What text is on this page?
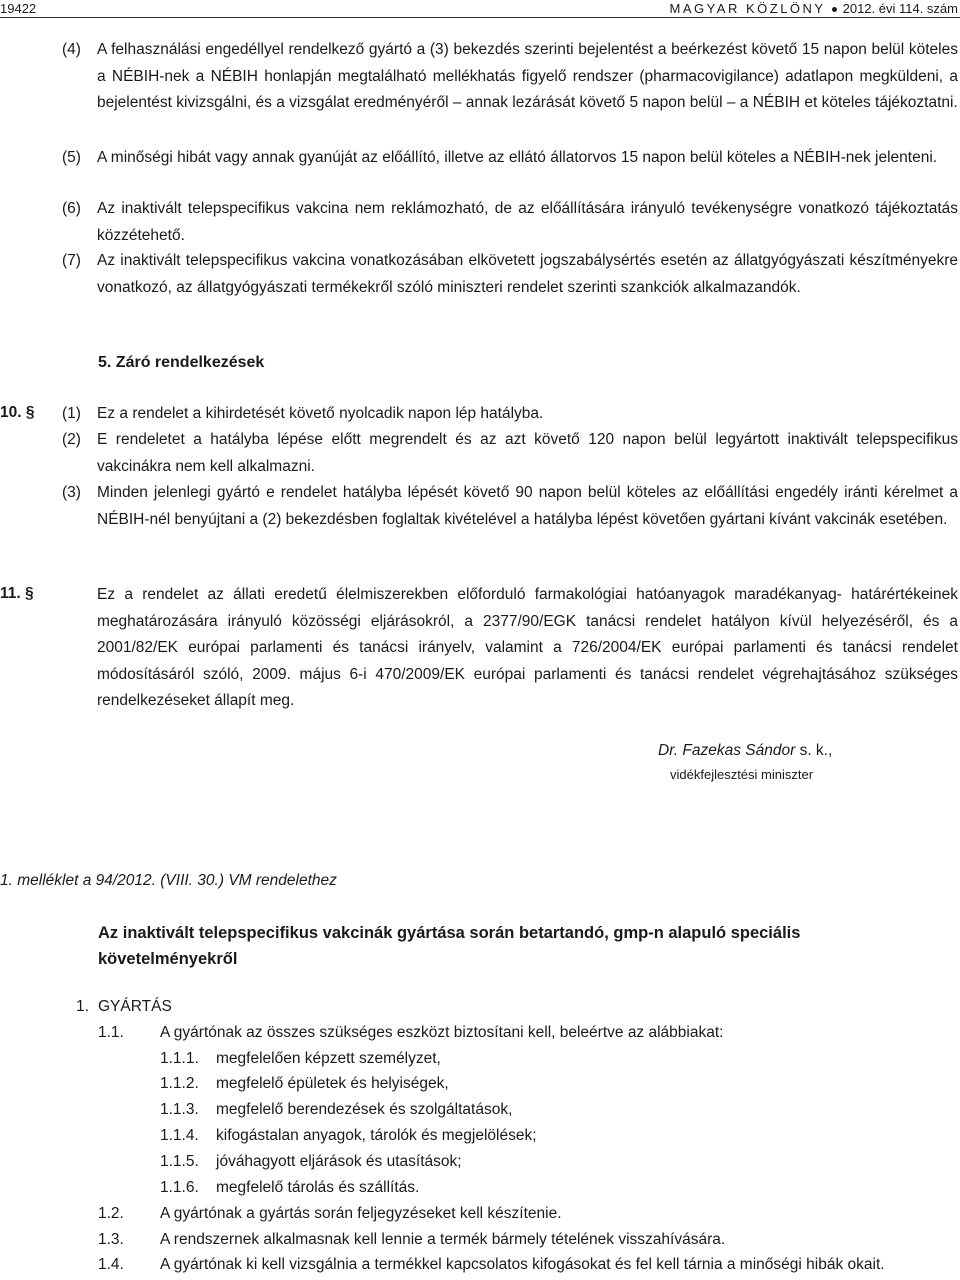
19422	MAGYAR KÖZLÖNY 2012. évi 114. szám
(4)	A felhasználási engedéllyel rendelkező gyártó a (3) bekezdés szerinti bejelentést a beérkezést követő 15 napon belül köteles a NÉBIH-nek a NÉBIH honlapján megtalálható mellékhatás figyelő rendszer (pharmacovigilance) adatlapon megküldeni, a bejelentést kivizsgálni, és a vizsgálat eredményéről – annak lezárását követő 5 napon belül – a NÉBIH et köteles tájékoztatni.
(5)	A minőségi hibát vagy annak gyanúját az előállító, illetve az ellátó állatorvos 15 napon belül köteles a NÉBIH-nek jelenteni.
(6)	Az inaktivált telepspecifikus vakcina nem reklámozható, de az előállítására irányuló tevékenységre vonatkozó tájékoztatás közzétehető.
(7)	Az inaktivált telepspecifikus vakcina vonatkozásában elkövetett jogszabálysértés esetén az állatgyógyászati készítményekre vonatkozó, az állatgyógyászati termékekről szóló miniszteri rendelet szerinti szankciók alkalmazandók.
5. Záró rendelkezések
10. § (1)	Ez a rendelet a kihirdetését követő nyolcadik napon lép hatályba.
(2)	E rendeletet a hatályba lépése előtt megrendelt és az azt követő 120 napon belül legyártott inaktivált telepspecifikus vakcinákra nem kell alkalmazni.
(3)	Minden jelenlegi gyártó e rendelet hatályba lépését követő 90 napon belül köteles az előállítási engedély iránti kérelmet a NÉBIH-nél benyújtani a (2) bekezdésben foglaltak kivételével a hatályba lépést követően gyártani kívánt vakcinák esetében.
11. §	Ez a rendelet az állati eredetű élelmiszerekben előforduló farmakológiai hatóanyagok maradékanyag- határértékeinek meghatározására irányuló közösségi eljárásokról, a 2377/90/EGK tanácsi rendelet hatályon kívül helyezéséről, és a 2001/82/EK európai parlamenti és tanácsi irányelv, valamint a 726/2004/EK európai parlamenti és tanácsi rendelet módosításáról szóló, 2009. május 6-i 470/2009/EK európai parlamenti és tanácsi rendelet végrehajtásához szükséges rendelkezéseket állapít meg.
Dr. Fazekas Sándor s. k.,
vidékfejlesztési miniszter
1. melléklet a 94/2012. (VIII. 30.) VM rendelethez
Az inaktivált telepspecifikus vakcinák gyártása során betartandó, gmp-n alapuló speciális követelményekről
1. GYÁRTÁS
1.1. A gyártónak az összes szükséges eszközt biztosítani kell, beleértve az alábbiakat:
1.1.1. megfelelően képzett személyzet,
1.1.2. megfelelő épületek és helyiségek,
1.1.3. megfelelő berendezések és szolgáltatások,
1.1.4. kifogástalan anyagok, tárolók és megjelölések;
1.1.5. jóváhagyott eljárások és utasítások;
1.1.6. megfelelő tárolás és szállítás.
1.2. A gyártónak a gyártás során feljegyzéseket kell készítenie.
1.3. A rendszernek alkalmasnak kell lennie a termék bármely tételének visszahívására.
1.4. A gyártónak ki kell vizsgálnia a termékkel kapcsolatos kifogásokat és fel kell tárnia a minőségi hibák okait.
